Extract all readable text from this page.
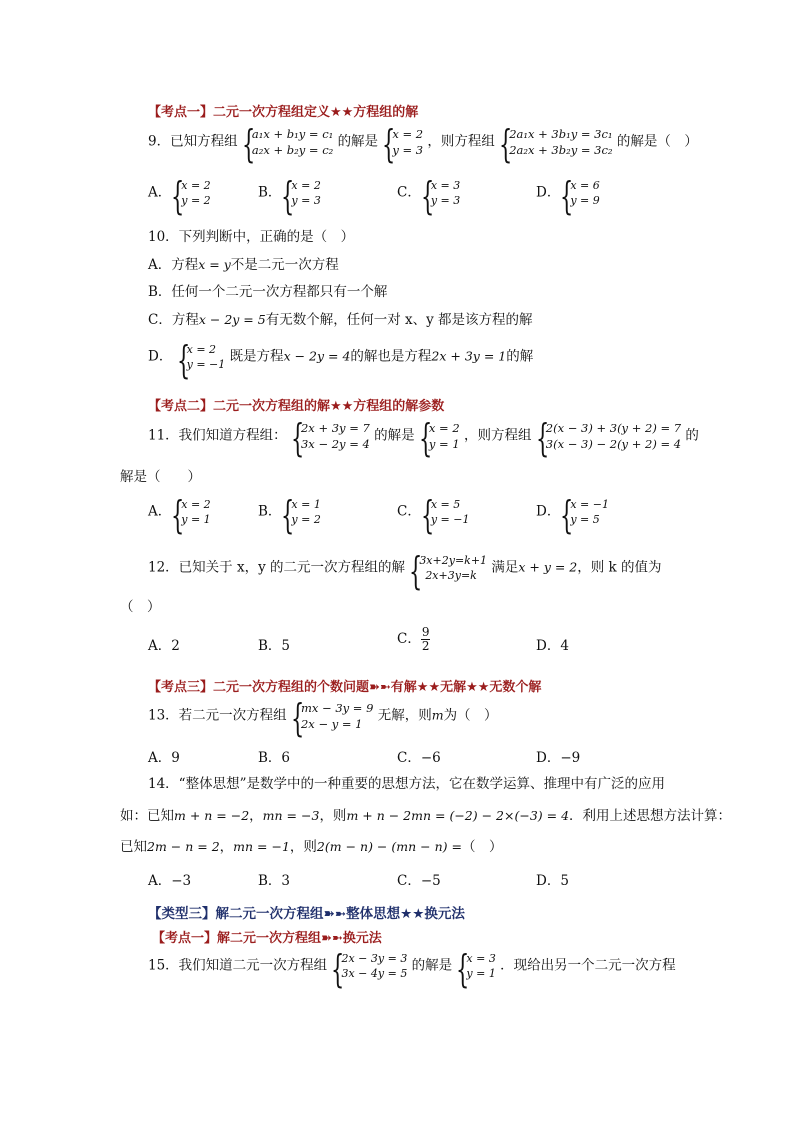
【考点一】二元一次方程组定义★★方程组的解
9．已知方程组 {
a₁x + b₁y = c₁
a₂x + b₂y = c₂
的解是 {
x = 2
y = 3
，则方程组 {
2a₁x + 3b₁y = 3c₁
2a₂x + 3b₂y = 3c₂
的解是（　）
A． {
x = 2
y = 2	B． {
x = 2
y = 3	C． {
x = 3
y = 3	D． {
x = 6
y = 9
10．下列判断中，正确的是（　）
A．方程x = y不是二元一次方程
B．任何一个二元一次方程都只有一个解
C．方程x − 2y = 5有无数个解，任何一对 x、y 都是该方程的解
D． {
x = 2
y = −1 既是方程x − 2y = 4的解也是方程2x + 3y = 1的解
【考点二】二元一次方程组的解★★方程组的解参数
11．我们知道方程组： {
2x + 3y = 7
3x − 2y = 4
的解是 {
x = 2
y = 1
，则方程组 {
2(x − 3) + 3(y + 2) = 7
3(x − 3) − 2(y + 2) = 4
的
解是（　　）
A． {
x = 2
y = 1	B． {
x = 1
y = 2	C． {
x = 5
y = −1	D． {
x = −1
y = 5
12．已知关于 x，y 的二元一次方程组的解 {
3x+2y=k+1
2x+3y=k	满足x + y = 2，则 k 的值为
（　）
A．2	B．5	C． $\frac{9}{2}$	D．4
【考点三】二元一次方程组的个数问题➽➼有解★★无解★★无数个解
13．若二元一次方程组 {
mx − 3y = 9
2x − y = 1
无解，则m为（　）
A．9	B．6	C．−6	D．−9
14．“整体思想”是数学中的一种重要的思想方法，它在数学运算、推理中有广泛的应用
如：已知m + n = −2，mn = −3，则m + n − 2mn = (−2) − 2×(−3) = 4．利用上述思想方法计算：
已知2m − n = 2，mn = −1，则2(m − n) − (mn − n) =（　）
A．−3	B．3	C．−5	D．5
【类型三】解二元一次方程组➽➼整体思想★★换元法
【考点一】解二元一次方程组➽➼换元法
15．我们知道二元一次方程组 {
2x − 3y = 3
3x − 4y = 5 的解是 {
x = 3
y = 1 ．现给出另一个二元一次方程
